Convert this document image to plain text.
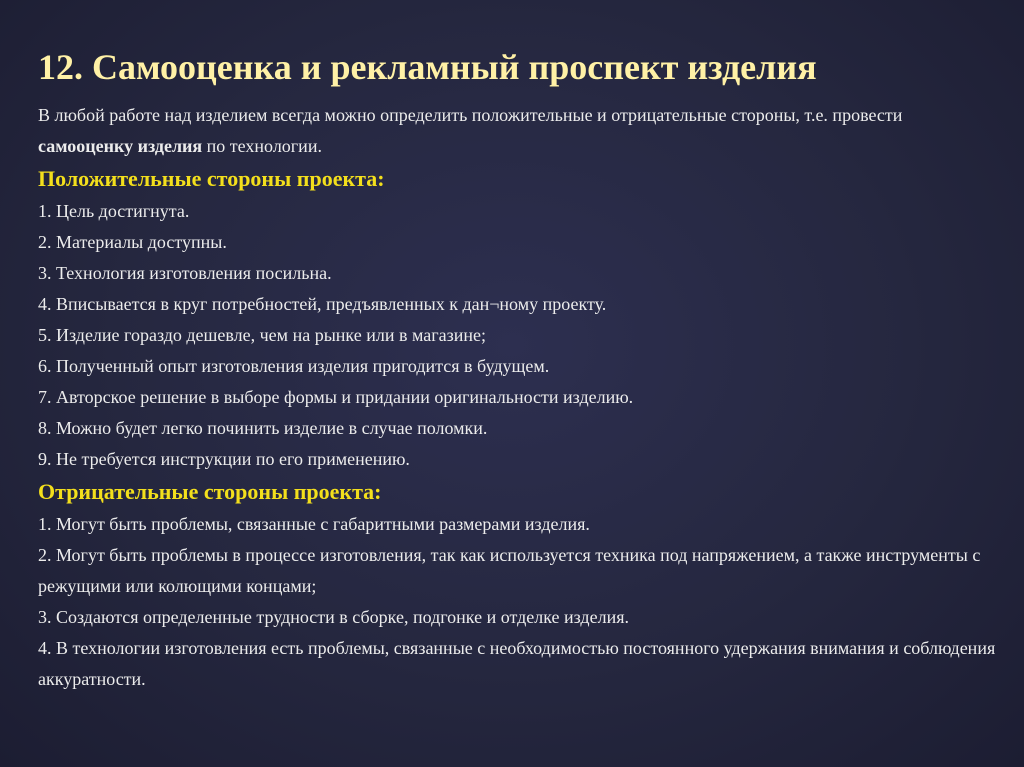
12. Самооценка и рекламный проспект изделия

В любой работе над изделием всегда можно определить положительные и отрицательные стороны, т.е. провести самооценку изделия по технологии.

Положительные стороны проекта:

1. Цель достигнута.

2. Материалы доступны.

3. Технология изготовления посильна.

4. Вписывается в круг потребностей, предъявленных к дан¬ному проекту.

5. Изделие гораздо дешевле, чем на рынке или в магазине;

6. Полученный опыт изготовления изделия пригодится в будущем.

7. Авторское решение в выборе формы и придании оригинальности изделию.

8. Можно будет легко починить изделие в случае поломки.

9. Не требуется инструкции по его применению.

Отрицательные стороны проекта:

1. Могут быть проблемы, связанные с габаритными размерами изделия.

2. Могут быть проблемы в процессе изготовления, так как используется техника под напряжением, а также инструменты с режущими или колющими концами;

3. Создаются определенные трудности в сборке, подгонке и отделке изделия.

4. В технологии изготовления есть проблемы, связанные с необходимостью постоянного удержания внимания и соблюдения аккуратности.
